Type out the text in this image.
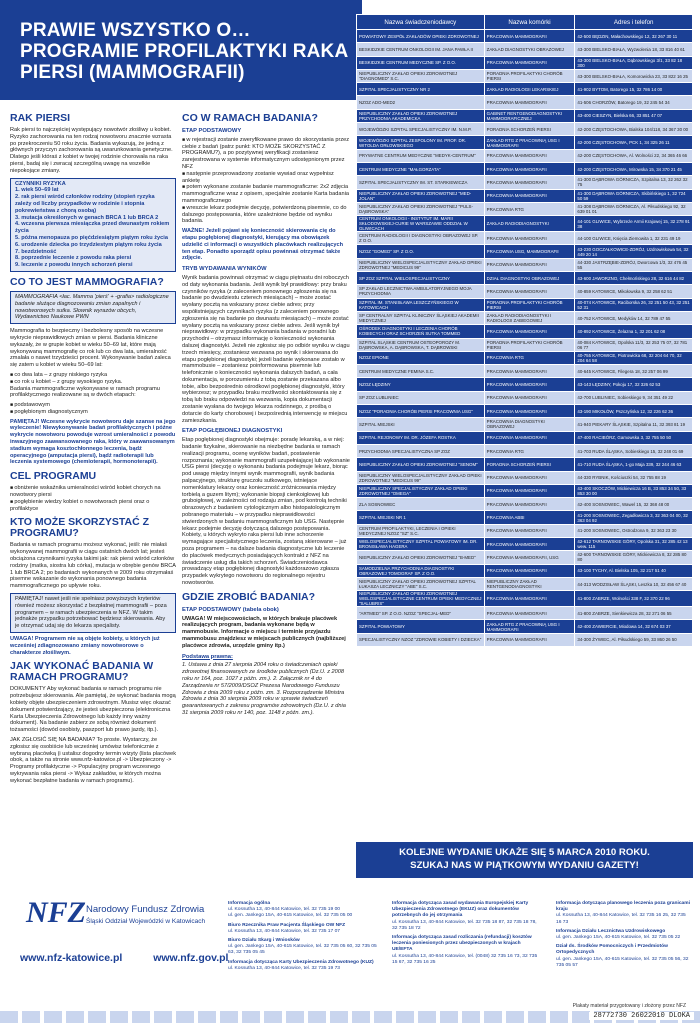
PRAWIE WSZYSTKO O… PROGRAMIE PROFILAKTYKI RAKA PIERSI (MAMMOGRAFII)
RAK PIERSI

Rak piersi to najczęściej występujący nowotwór złośliwy u kobiet. Ryzyko zachorowania na ten rodzaj nowotworu znacznie wzrasta po przekroczeniu 50 roku życia. Badania wykazują, że jedną z głównych przyczyn zachorowania są uwarunkowania genetyczne. Dlatego jeśli któraś z kobiet w twojej rodzinie chorowała na raka piersi, badaj się i zwracaj szczególną uwagę na wszelkie niepokojące zmiany.

CZYNNIKI RYZYKA
1. wiek 50–69 lat
2. rak piersi wśród członków rodziny (stopień ryzyka zależy od liczby przypadków w rodzinie i stopnia pokrewieństwa z chorą osobą)
3. mutacja określonych w genach BRCA 1 lub BRCA 2
4. wczesna pierwsza miesiączka przed dwunastym rokiem życia
5. późna menopauza po pięćdziesiątym piątym roku życia
6. urodzenie dziecka po trzydziestym piątym roku życia
7. bezdzietność
8. poprzednie leczenie z powodu raka piersi
9. leczenie z powodu innych schorzeń piersi
CO TO JEST MAMMOGRAFIA?
MAMMOGRAFIA <łac. Mamma 'pierś' + -grafia> radiologiczne badanie służące diagnozowaniu zmian zapalnych i nowotworowych sutka. Słownik wyrazów obcych, Wydawnictwo Naukowe PWN

Mammografia to bezpieczny i bezbolesny sposób na wczesne wykrycie nieprawidłowych zmian w piersi. Badania kliniczne wykazały, że w grupie kobiet w wieku 50–69 lat, które mają wykonywaną mammografię co rok lub co dwa lata, umieralność zmalała o nawet trzydzieści procent. Wykonywanie badań zaleca się zatem u kobiet w wieku 50–69 lat:

■ co dwa lata – z grupy niskiego ryzyka
■ co rok u kobiet – z grupy wysokiego ryzyka.

Badania mammograficzne wykonywane w ramach programu profilaktycznego realizowane są w dwóch etapach:

■ podstawowym
■ pogłębionym diagnostycznym

PAMIĘTAJ! Wczesne wykrycie nowotworu daje szanse na jego wyleczenie! Niewykonywanie badań profilaktycznych i późne wykrycie nowotworu powoduje wzrost umieralności z powodu inwazyjnego zaawansowanego raka, który w zaawansowanym stadium wymaga kosztochłonnego leczenia, bądź operacyjnego (amputacja piersi), bądź radioterapii lub leczenia systemowego (chemioterapii, hormonoterapii).

CEL PROGRAMU
■ obniżenie wskaźnika umieralności wśród kobiet chorych na nowotwory piersi
■ pogłębienie wiedzy kobiet o nowotworach piersi oraz o profilaktyce
KTO MOŻE SKORZYSTAĆ Z PROGRAMU?

Badania w ramach programu możesz wykonać, jeśli: nie miałaś wykonywanej mammografii w ciągu ostatnich dwóch lat; jesteś obciążona czynnikami ryzyka takimi jak: rak piersi wśród członków rodziny (matka, siostra lub córka), mutacja w obrębie genów BRCA 1 lub BRCA 2; po badaniach wykonanych w 2009 roku otrzymałaś pisemne wskazanie do wykonania ponownego badania mammograficznego po upływie roku.

PAMIĘTAJ! nawet jeśli nie spełniasz powyższych kryteriów równieź możesz skorzystać z bezpłatnej mammografii – poza programem – w ramach ubezpieczenia w NFZ. W takim jednakże przypadku potrzebować będziesz skierowania. Aby je otrzymać udaj się do lekarza specjalisty.

UWAGA! Programem nie są objęte kobiety, u których już wcześniej zdiagnozowano zmiany nowotworowe o charakterze złośliwym.

JAK WYKONAĆ BADANIA W RAMACH PROGRAMU?

DOKUMENTY Aby wykonać badania w ramach programu nie potrzebujesz skierowania. Ale pamiętaj, że wykonać badania mogą kobiety objęte ubezpieczeniem zdrowotnym. Musisz więc okazać dokument potwierdzający, że jesteś ubezpieczona (elektroniczna Karta Ubezpieczenia Zdrowotnego lub każdy inny ważny dokument). Na badanie zabierz ze sobą również dokument tożsamości (dowód osobisty, paszport lub prawo jazdy, itp.).

JAK ZGŁOSIĆ SIĘ NA BADANIA? To proste. Wystarczy, że zgłosisz się osobiście lub wcześniej umówisz telefonicznie z wybraną placówką (i ustalisz dogodny termin wizyty (lista placówek obok, a także na stronie www.nfz-katowice.pl -> Ubezpieczony -> Programy profilaktyczne -> Populacyjny program wczesnego wykrywania raka piersi -> Wykaz zakładów, w których można wykonać bezpłatne badania w ramach programu).

CO W RAMACH BADANIA?
ETAP PODSTAWOWY
■ w rejestracji zostanie zweryfikowane prawo do skorzystania przez ciebie z badań (patrz punkt: KTO MOŻE SKORZYSTAĆ Z PROGRAMU?), a po pozytywnej weryfikacji zostaniesz zarejestrowana w systemie informatycznym udostępnionym przez NFZ
■ następnie przeprowadzony zostanie wywiad oraz wypełnisz ankietę
■ potem wykonane zostanie badanie mammograficzne: 2x2 zdjęcia mammograficzne wraz z opisem, specjalnie zostanie Karta badania mammograficznego
■ wreszcie lekarz podejmie decyzję, potwierdzoną pisemnie, co do dalszego postępowania, które uzależnione będzie od wyniku badania.

WAŻNE! Jeżeli pojawi się konieczność skierowania cię do etapu pogłębionej diagnostyki, kierujący ma obowiązek udzielić ci informacji o wszystkich placówkach realizujących ten etap. Ponadto sporządź opisu powinnaś otrzymać także zdjęcie.

TRYB WYDAWANIA WYNIKÓW

Wynik badania powinnaś otrzymać w ciągu piętnastu dni roboczych od daty wykonania badania. Jeśli wynik był prawidłowy: przy braku czynników ryzyka (z zaleceniem ponownego zgłoszenia się na badanie po dwudziestu czterech miesiącach) – może zostać wysłany pocztą na wskazany przez ciebie adres; przy współistniejących czynnikach ryzyka (z zaleceniem ponownego zgłoszenia się na badanie po dwunastu miesiącach) – może zostać wysłany pocztą na wskazany przez ciebie adres. Jeśli wynik był nieprawidłowy: w przypadku wykonania badania w poradni lub przychodni – otrzymasz informację o konieczności wykonania dalszej diagnostyki. Jeżeli nie zgłosisz się po odbiór wyniku w ciągu trzech miesięcy, zostaniesz wezwana po wynik i skierowana do etapu pogłębionej diagnostyki; jeżeli badanie wykonane zostało w mammobusie – zostaniesz poinformowana pisemnie lub telefonicznie o konieczności wykonania dalszych badań, a cała dokumentacja, w porozumieniu z tobą zostanie przekazana albo tobie, albo bezpośrednio ośrodkowi pogłębionej diagnostyki, który wybierzesz; w przypadku braku możliwości skontaktowania się z tobą lub braku odpowiedzi na wezwania, kopia dokumentacji zostanie wysłana do twojego lekarza rodzinnego, z prośbą o dotarcie do karty chorobowej i bezpośrednią interwencję w miejscu zamieszkania.

ETAP POGŁĘBIONEJ DIAGNOSTYKI

Etap pogłębionej diagnostyki obejmuje: poradę lekarską, a w niej: badanie fizykalne, skierowanie na niezbędne badania w ramach realizacji programu, ocenę wyników badań, postawienie rozpoznania; wykonanie mammografii uzupełniającej lub wykonanie USG piersi (decyzję o wykonaniu badania podejmuje lekarz, biorąc pod uwagę między innymi wynik mammografii, wynik badania palpacyjnego, strukturę gruczołu sutkowego, istniejące nomenklatury lekarzy oraz konieczność zróżnicowania między torbielą a guzem litym); wykonanie biopsji cienkoigłowej lub gruboigłowej, w zależności od rodzaju zmian, pod kontrolą techniki obrazowych z badaniem cytologicznym albo histopatologicznym pobranego materiału – w przypadku nieprawidłowości stwierdzonych w badaniu mammograficznym lub USG. Następnie lekarz podejmie decyzję dotyczącą dalszego postępowania. Kobiety, u których wykryto raka piersi lub inne schorzenie wymagające specjalistycznego leczenia, zostaną skierowane – już poza programem – na dalsze badania diagnostyczne lub leczenie do placówek medycznych posiadających kontrakt z NFZ na świadczenie usług dla takich schorzeń. Świadczeniodawca prowadzący etap pogłębionej diagnostyki każdorazowo zgłasza przypadek wykrytego nowotworu do regionalnego rejestru nowotworów.

GDZIE ZROBIĆ BADANIA?
ETAP PODSTAWOWY (tabela obok)

UWAGA! W miejscowościach, w których brakuje placówek realizujących program, badania wykonane będą w mammobusie. Informacje o miejscu i terminie przyjazdu mammobusu znajdziesz w miejscach publicznych (najbliższej placówce zdrowia, urzędzie gminy itp.)

Podstawa prawna:

1. Ustawa z dnia 27 sierpnia 2004 roku o świadczeniach opieki zdrowotnej finansowanych ze środków publicznych (Dz.U. z 2008 roku nr 164, poz. 1027 z późn. zm.). 2. Załącznik nr 4 do Zarządzenia nr 57/2009/DSOZ Prezesa Narodowego Funduszu Zdrowia z dnia 2009 roku z późn. zm. 3. Rozporządzenie Ministra Zdrowia z dnia 30 sierpnia 2009 roku w sprawie świadczeń gwarantowanych z zakresu programów zdrowotnych (Dz.U. z dnia 31 sierpnia 2009 roku nr 140, poz. 1148 z późn. zm.).

Nazwa świadczeniodawcy	Nazwa komórki	Adres i telefon
POWIATOWY ZESPÓŁ ZAKŁADÓW OPIEKI ZDROWOTNEJ	PRACOWNIA MAMMOGRAFII	42-500 BĘDZIN, Małachowskiego 12, 32 267 30 11
BESKIDZKIE CENTRUM ONKOLOGII IM. JANA PAWŁA II	ZAKŁAD DIAGNOSTYKI OBRAZOWEJ	43-300 BIELSKO-BIAŁA, Wyzwolenia 18, 33 816 40 61
BESKIDZKIE CENTRUM MEDYCZNE SP. Z O.O.	PRACOWNIA MAMMOGRAFII	43-300 BIELSKO-BIAŁA, Dąbrowskiego 3/1, 33 82 18 300
NIEPUBLICZNY ZAKŁAD OPIEKI ZDROWOTNEJ "DIAGNOMED" S.C.	PORADNIA PROFILAKTYKI CHORÓB PIERSI	43-300 BIELSKO-BIAŁA, Komorowicka 23, 33 822 16 25
SZPITAL SPECJALISTYCZNY NR 2	ZAKŁAD RADIOLOGII LEKARSKIEJ	41-902 BYTOM, Batorego 15, 32 786 14 00
NZOZ ADO-MED2	PRACOWNIA MAMMOGRAFII	41-506 CHORZÓW, Batorego 19, 32 245 54 34
NIEPUBLICZNY ZAKŁAD OPIEKI ZDROWOTNEJ PRZYCHODNIA AKADEMICKA	GABINET RENTGENODIAGNOSTYKI MAMMOGRAFICZNEJ	43-400 CIESZYN, Bielska 66, 33 851 47 07
WOJEWÓDZKI SZPITAL SPECJALISTYCZNY IM. N.M.P.	PORADNIA SCHORZEŃ PIERSI	42-200 CZĘSTOCHOWA, Bialska 104/118, 34 367 30 00
WOJEWÓDZKI SZPITAL ZESPOLONY IM. PROF. DR. WITOLDA ORŁOWSKIEGO	ZAKŁAD RTG Z PRACOWNIĄ USG I MAMMOGRAFII	42-200 CZĘSTOCHOWA, PCK 1, 34 325 26 11
PRYWATNE CENTRUM MEDYCZNE "MEDYK-CENTRUM"	PRACOWNIA MAMMOGRAFII	42-200 CZĘSTOCHOWA, Al. Wolności 22, 34 365 46 66
CENTRUM MEDYCZNE "MAŁGORZATA"	PRACOWNIA MAMMOGRAFII	42-200 CZĘSTOCHOWA, Mirowska 15, 34 370 21 45
SZPITAL SPECJALISTYCZNY IM. ST. STARKIEWICZA	PRACOWNIA MAMMOGRAFII	41-300 DĄBROWA GÓRNICZA, Szpitalna 13, 32 262 32 75
NIEPUBLICZNY ZAKŁAD OPIEKI ZDROWOTNEJ "MED-JOLAN"	PRACOWNIA MAMMOGRAFII	41-300 DĄBROWA GÓRNICZA, Skibińskiego 1, 32 724 50 59
NIEPUBLICZNY ZAKŁAD OPIEKI ZDROWOTNEJ "PULS-DĄBROWSKA"	PRACOWNIA RTG	41-308 DĄBROWA GÓRNICZA, Al. Piłsudskiego 92, 32 639 01 01
CENTRUM ONKOLOGII - INSTYTUT IM. MARII SKŁODOWSKIEJ-CURIE W WARSZAWIE ODDZIAŁ W GLIWICACH	ZAKŁAD RADIODIAGNOSTYKI	44-101 GLIWICE, Wybrzeże Armii Krajowej 15, 32 278 91 38
CENTRUM RADIOLOGII I DIAGNOSTYKI OBRAZOWEJ SP. Z O.O.	PRACOWNIA MAMMOGRAFII	44-100 GLIWICE, Księcia Ziemowita 1, 32 231 49 19
NZOZ "GOMED" SP. Z O.O.	PRACOWNIA USG, MAMMOGRAFII	43-230 GOCZAŁKOWICE-ZDRÓJ, Uzdrowiskowa 54, 32 449 20 14
NIEPUBLICZNY WIELOSPECJALISTYCZNY ZAKŁAD OPIEKI ZDROWOTNEJ "MEDICUS 99"	PRACOWNIA MAMMOGRAFII	44-330 JASTRZĘBIE-ZDRÓJ, Dworcowa 1/3, 32 476 45 55
SP ZOZ SZPITAL WIELOSPECJALISTYCZNY	DZIAŁ DIAGNOSTYKI OBRAZOWEJ	43-600 JAWORZNO, Chełmońskiego 28, 32 616 44 82
SP ZAKŁAD LECZNICTWA AMBULATORYJNEGO MOJA PRZYCHODNIA	PRACOWNIA MAMMOGRAFII	40-859 KATOWICE, Mikołowska 9, 32 258 62 51
SZPITAL IM. STANISŁAWA LESZCZYŃSKIEGO W KATOWICACH	PORADNIA PROFILAKTYKI CHORÓB PIERSI	40-074 KATOWICE, Raciborska 26, 32 251 50 43, 32 251 52 31
SP CENTRALNY SZPITAL KLINICZNY ŚLĄSKIEJ AKADEMII MEDYCZNEJ	ZAKŁAD RADIODIAGNOSTYKI I RADIOLOGII ZABIEGOWEJ	40-752 KATOWICE, Medyków 14, 32 789 47 55
OŚRODEK DIAGNOSTYKI I LECZENIA CHORÓB KOBIECYCH ORAZ SCHORZEŃ SUTKA TOMMED	PRACOWNIA MAMMOGRAFII	40-892 KATOWICE, Żelazna 1, 32 201 62 08
SZPITAL SLĄSKIE CENTRUM OSTEOPOROZY M. DĄBROWSKA, A. DĄBROWSKA, T. DĄBROWSKI	PORADNIA PROFILAKTYKI CHORÓB PIERSI	40-084 KATOWICE, Opolska 11/3, 32 253 75 07, 32 781 06 77
NZOZ EPIONE	PRACOWNIA RTG	40-755 KATOWICE, Piotrowicka 68, 32 204 64 70, 32 204 64 58
CENTRUM MEDYCZNE FEMINA S.C.	PRACOWNIA MAMMOGRAFII	40-645 KATOWICE, Filegera 18, 32 257 06 99
NZOZ ŁĘDZINY	PRACOWNIA MAMMOGRAFII	43-143 ŁĘDZINY, Pokoju 17, 32 326 62 53
SP ZOZ LUBLINIEC	PRACOWNIA MAMMOGRAFII	42-700 LUBLINIEC, Sobieskiego 9, 34 351 49 22
NZOZ "PORADNIA CHORÓB PIERSI PRACOWNIA USG"	PRACOWNIA MAMMOGRAFII	43-190 MIKOŁÓW, Pszczyńska 12, 32 226 62 36
SZPITAL MIEJSKI	PRACOWNIA DIAGNOSTYKI OBRAZOWEJ	41-940 PIEKARY ŚLĄSKIE, Szpitalna 11, 32 393 81 19
SZPITAL REJONOWY IM. DR. JÓZEFA ROSTKA	PRACOWNIA MAMMOGRAFII	47-400 RACIBÓRZ, Gamowska 3, 32 755 50 50
PRZYCHODNIA SPECJALISTYCZNA SP ZOZ	PRACOWNIA RTG	41-703 RUDA ŚLĄSKA, Sobieskiego 15, 32 248 01 69
NIEPUBLICZNY ZAKŁAD OPIEKI ZDROWOTNEJ "SENOM"	PORADNIA SCHORZEŃ PIERSI	41-710 RUDA ŚLĄSKA, 1-go Maja 339, 32 244 46 63
NIEPUBLICZNY WIELOSPECJALISTYCZNY ZAKŁAD OPIEKI ZDROWOTNEJ "MEDICUS 99"	PRACOWNIA MAMMOGRAFII	44-330 RYBNIK, Kościuszki 54, 32 755 88 19
NIEPUBLICZNY SPECJALISTYCZNY ZAKŁAD OPIEKI ZDROWOTNEJ "OMEGA"	PRACOWNIA MAMMOGRAFII	43-400 SKOCZÓW, Mickiewicza 16 B, 33 853 34 50, 33 853 30 00
ZLA SOSNOWIEC	PRACOWNIA MAMMOGRAFII	42-400 SOSNOWIEC, Wawel 15, 32 368 48 00
SZPITAL MIEJSKI NR 1	PRACOWNIA ABBI	41-200 SOSNOWIEC, Zegadłowicza 3, 32 363 04 00, 32 363 04 92
CENTRUM PROFILAKTYKI, LECZENIA I OPIEKI MEDYCZNEJ NZOZ "SZ" S.C.	PRACOWNIA MAMMOGRAFII	41-200 SOSNOWIEC, Ostrodzona 9, 32 363 23 30
WIELOSPECJALISTYCZNY SZPITAL POWIATOWY IM. DR. BRONISŁAWA HAGERA	PRACOWNIA MAMMOGRAFII	42-612 TARNOWSKIE GÓRY, Opolska 31, 32 285 42 13 wew. 115
NIEPUBLICZNY ZAKŁAD OPIEKI ZDROWOTNEJ "B-MED"	PRACOWNIA MAMMOGRAFII, USG	42-600 TARNOWSKIE GÓRY, Mickiewicza 8, 32 285 80 80
SAMODZIELNA PRZYCHODNIA DIAGNOSTYKI OBRAZOWEJ TOMOGRAF SP. Z O.O.	PRACOWNIA MAMMOGRAFII	43-100 TYCHY, Al. Bielska 105, 32 217 51 40
NIEPUBLICZNY ZAKŁAD OPIEKI ZDROWOTNEJ SZPITAL ŁUKASZA LECZNICZY "ABE" S.C.	NIEPUBLICZNY ZAKŁAD RENTGENODIAGNOSTYKI	44-313 WODZISŁAW ŚLĄSKI, Leszka 10, 32 456 67 40
NIEPUBLICZNY ZAKŁAD OPIEKI ZDROWOTNEJ WIELOSPECJALISTYCZNE CENTRUM OPIEKI MEDYCZNEJ "SALUBRIS"	PRACOWNIA MAMMOGRAFII	41-800 ZABRZE, Wolności 338 F, 32 370 22 96
"ARTMED" SP. Z O.O. NZOZ "SPECJAL-MED"	PRACOWNIA MAMMOGRAFII	41-800 ZABRZE, Sienkiewicza 28, 32 271 06 55
SZPITAL POWIATOWY	ZAKŁAD RTG Z PRACOWNIĄ USG I MAMMOGRAFII	42-400 ZAWIERCIE, Miodowa 14, 32 674 03 37
SPECJALISTYCZNY NZOZ "ZDROWIE KOBIETY I DZIECKA"	PRACOWNIA MAMMOGRAFII	34-300 ŻYWIEC, Al. Piłsudskiego 59, 33 860 26 50
KOLEJNE WYDANIE UKAŻE SIĘ 5 MARCA 2010 ROKU.
SZUKAJ NAS W PIĄTKOWYM WYDANIU GAZETY!
NFZ Narodowy Fundusz Zdrowia
Śląski Oddział Wojewódzki w Katowicach
www.nfz-katowice.pl	www.nfz.gov.pl
Informacja ogólna
ul. Kossutha 13, 40-844 Katowice, tel. 32 735 19 00
ul. gen. Jankego 15A, 40-615 Katowice, tel. 32 735 05 00
Biuro Rzecznika Praw Pacjenta Śląskiego OW NFZ
ul. Kossutha 13, 40-844 Katowice, tel. 32 735 17 07
Biuro Działu Skarg i Wniosków
ul. gen. Jankego 15A, 40-615 Katowice, tel. 32 735 05 60, 32 735 05 63, 32 735 05 45
Informacja dotycząca Karty Ubezpieczenia Zdrowotnego (KUZ)
ul. Kossutha 13, 40-844 Katowice, tel. 32 735 19 73
Informacja dotycząca zasad wydawania Europejskiej Karty Ubezpieczenia Zdrowotnego (EKUZ) oraz dokumentów potrzebnych do jej otrzymania
ul. Kossutha 13, 40-844 Katowice, tel. 32 735 18 87, 32 735 18 78, 32 735 18 72
Informacja dotycząca zasad rozliczania (refundacji) kosztów leczenia poniesionych przez ubezpieczonych w krajach UE/EFTA
ul. Kossutha 13, 40-844 Katowice, tel. (0048) 32 735 16 73, 32 735 15 67, 32 735 16 25
Informacja dotycząca planowego leczenia poza granicami kraju
ul. Kossutha 13, 40-844 Katowice, tel. 32 735 16 25, 32 735 16 73
Informacja Działu Lecznictwa Uzdrowiskowego
ul. gen. Jankego 15A, 40-615 Katowice, tel. 32 735 05 22
Dział ds. Środków Pomocniczych i Przedmiotów Ortopedycznych
ul. gen. Jankego 15A, 40-615 Katowice, tel. 32 735 05 56, 32 735 05 57
Plakaty materiał przygotowany i złożony przez NFZ
28772730 26022010 DLOKA
